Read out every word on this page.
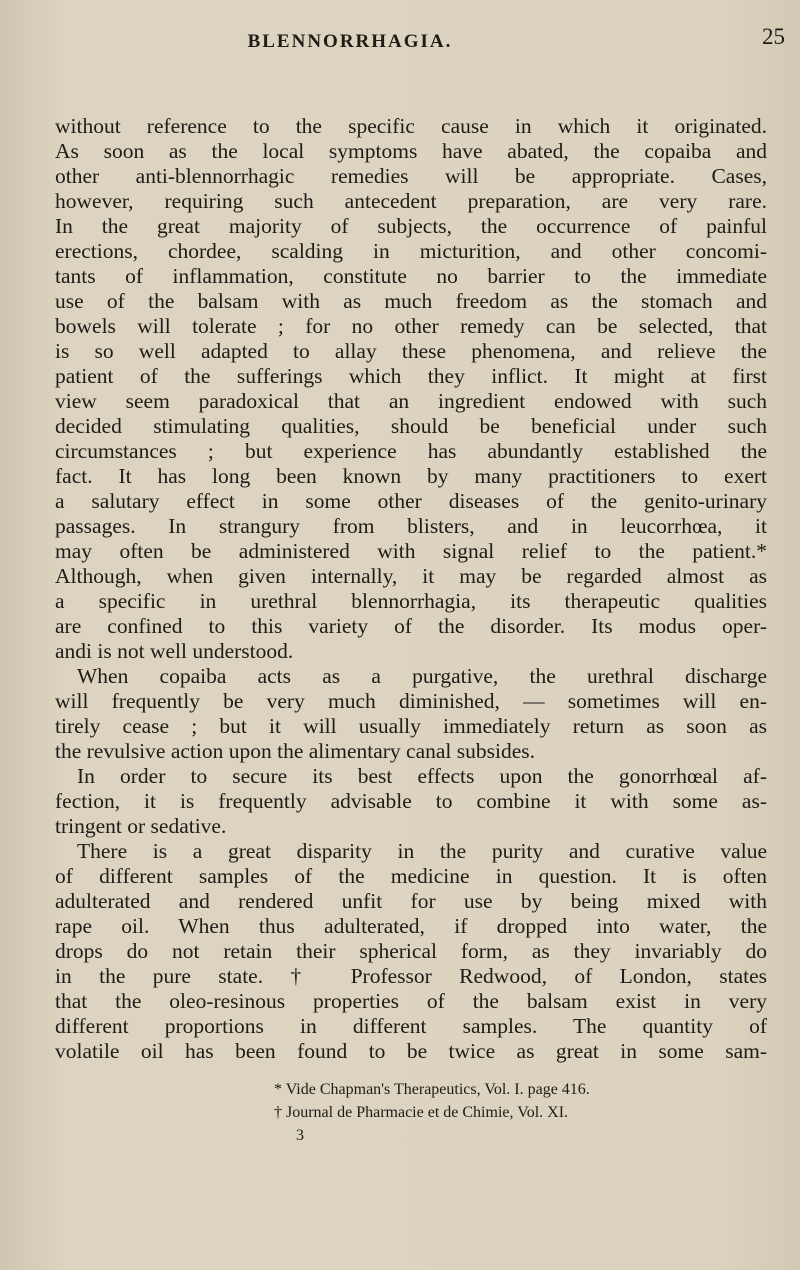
BLENNORRHAGIA.	25
without reference to the specific cause in which it originated.
As soon as the local symptoms have abated, the copaiba and
other anti-blennorrhagic remedies will be appropriate. Cases,
however, requiring such antecedent preparation, are very rare.
In the great majority of subjects, the occurrence of painful
erections, chordee, scalding in micturition, and other concomi-
tants of inflammation, constitute no barrier to the immediate
use of the balsam with as much freedom as the stomach and
bowels will tolerate ; for no other remedy can be selected, that
is so well adapted to allay these phenomena, and relieve the
patient of the sufferings which they inflict. It might at first
view seem paradoxical that an ingredient endowed with such
decided stimulating qualities, should be beneficial under such
circumstances ; but experience has abundantly established the
fact. It has long been known by many practitioners to exert
a salutary effect in some other diseases of the genito-urinary
passages. In strangury from blisters, and in leucorrhœa, it
may often be administered with signal relief to the patient.*
Although, when given internally, it may be regarded almost as
a specific in urethral blennorrhagia, its therapeutic qualities
are confined to this variety of the disorder. Its modus oper-
andi is not well understood.
When copaiba acts as a purgative, the urethral discharge
will frequently be very much diminished, — sometimes will en-
tirely cease ; but it will usually immediately return as soon as
the revulsive action upon the alimentary canal subsides.
In order to secure its best effects upon the gonorrhœal af-
fection, it is frequently advisable to combine it with some as-
tringent or sedative.
There is a great disparity in the purity and curative value
of different samples of the medicine in question. It is often
adulterated and rendered unfit for use by being mixed with
rape oil. When thus adulterated, if dropped into water, the
drops do not retain their spherical form, as they invariably do
in the pure state. † Professor Redwood, of London, states
that the oleo-resinous properties of the balsam exist in very
different proportions in different samples. The quantity of
volatile oil has been found to be twice as great in some sam-
* Vide Chapman's Therapeutics, Vol. I. page 416.
† Journal de Pharmacie et de Chimie, Vol. XI.
3
